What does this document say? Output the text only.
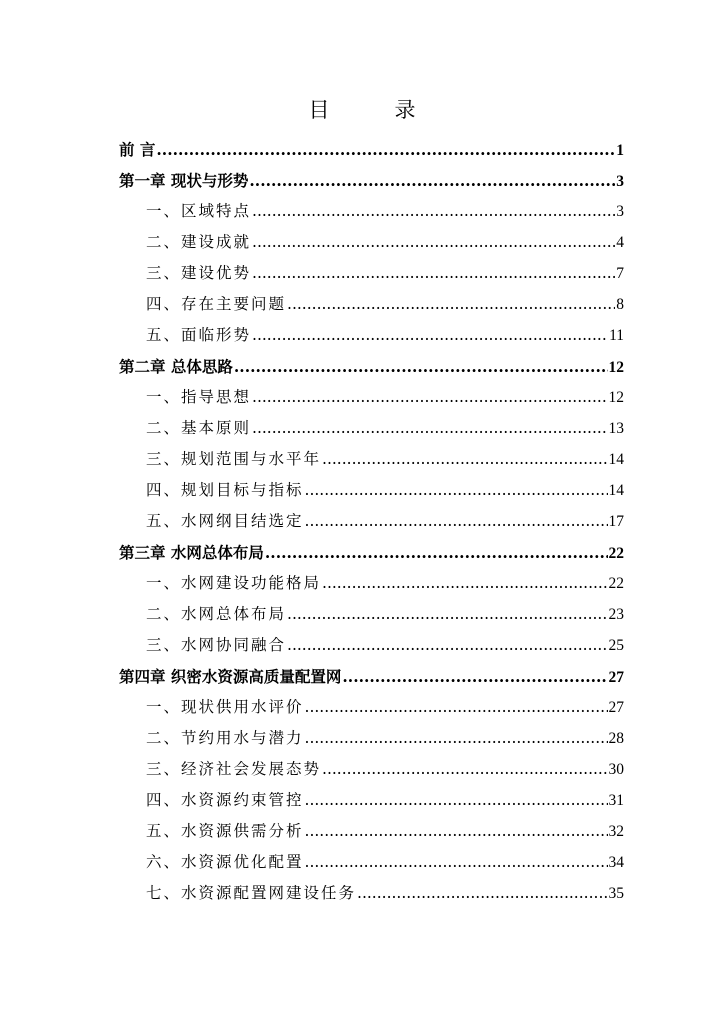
目　录
前 言 .....	1
第一章 现状与形势 .....	3
一、区域特点 .....	3
二、建设成就 .....	4
三、建设优势 .....	7
四、存在主要问题 .....	8
五、面临形势 .....	11
第二章 总体思路 .....	12
一、指导思想 .....	12
二、基本原则 .....	13
三、规划范围与水平年 .....	14
四、规划目标与指标 .....	14
五、水网纲目结选定 .....	17
第三章 水网总体布局 .....	22
一、水网建设功能格局 .....	22
二、水网总体布局 .....	23
三、水网协同融合 .....	25
第四章 织密水资源高质量配置网 .....	27
一、现状供用水评价 .....	27
二、节约用水与潜力 .....	28
三、经济社会发展态势 .....	30
四、水资源约束管控 .....	31
五、水资源供需分析 .....	32
六、水资源优化配置 .....	34
七、水资源配置网建设任务 .....	35
